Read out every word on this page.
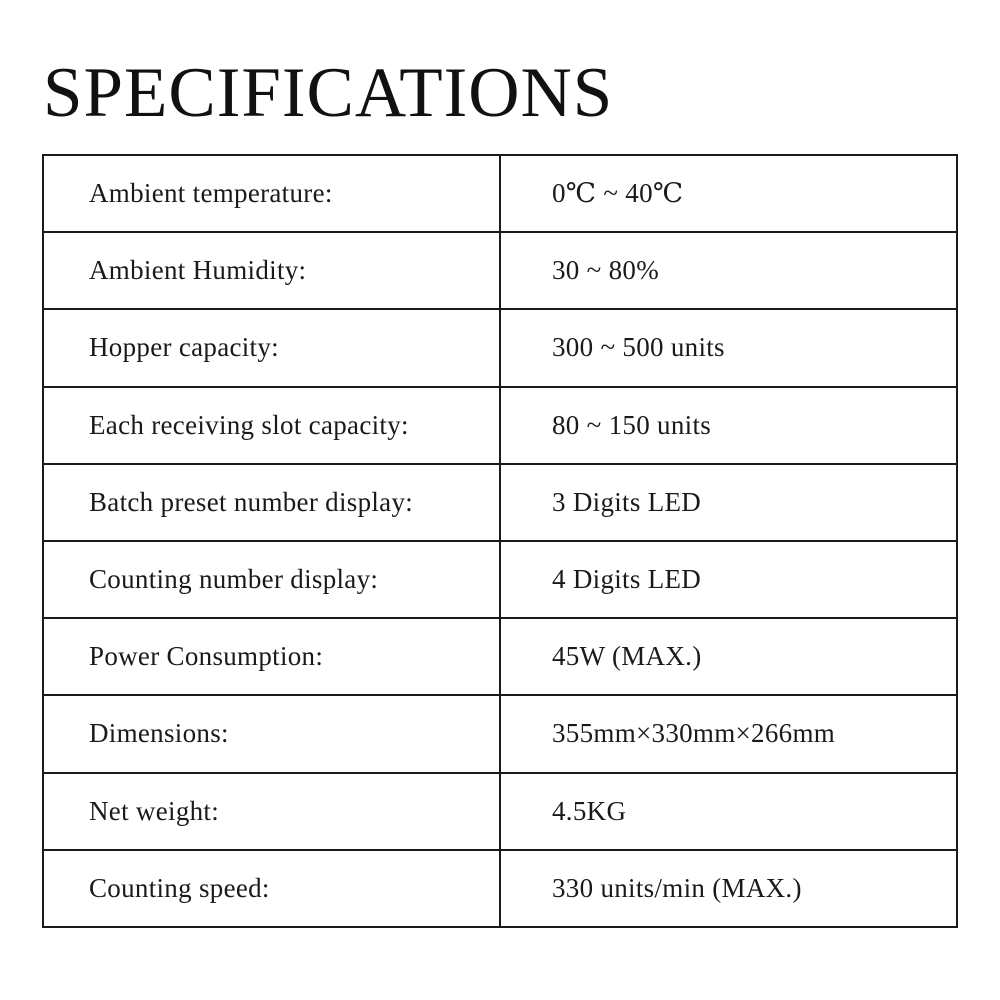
SPECIFICATIONS
Ambient temperature:	0℃ ~ 40℃
Ambient Humidity:	30 ~ 80%
Hopper capacity:	300 ~ 500 units
Each receiving slot capacity:	80 ~ 150 units
Batch preset number display:	3 Digits LED
Counting number display:	4 Digits LED
Power Consumption:	45W (MAX.)
Dimensions:	355mm×330mm×266mm
Net weight:	4.5KG
Counting speed:	330 units/min (MAX.)
